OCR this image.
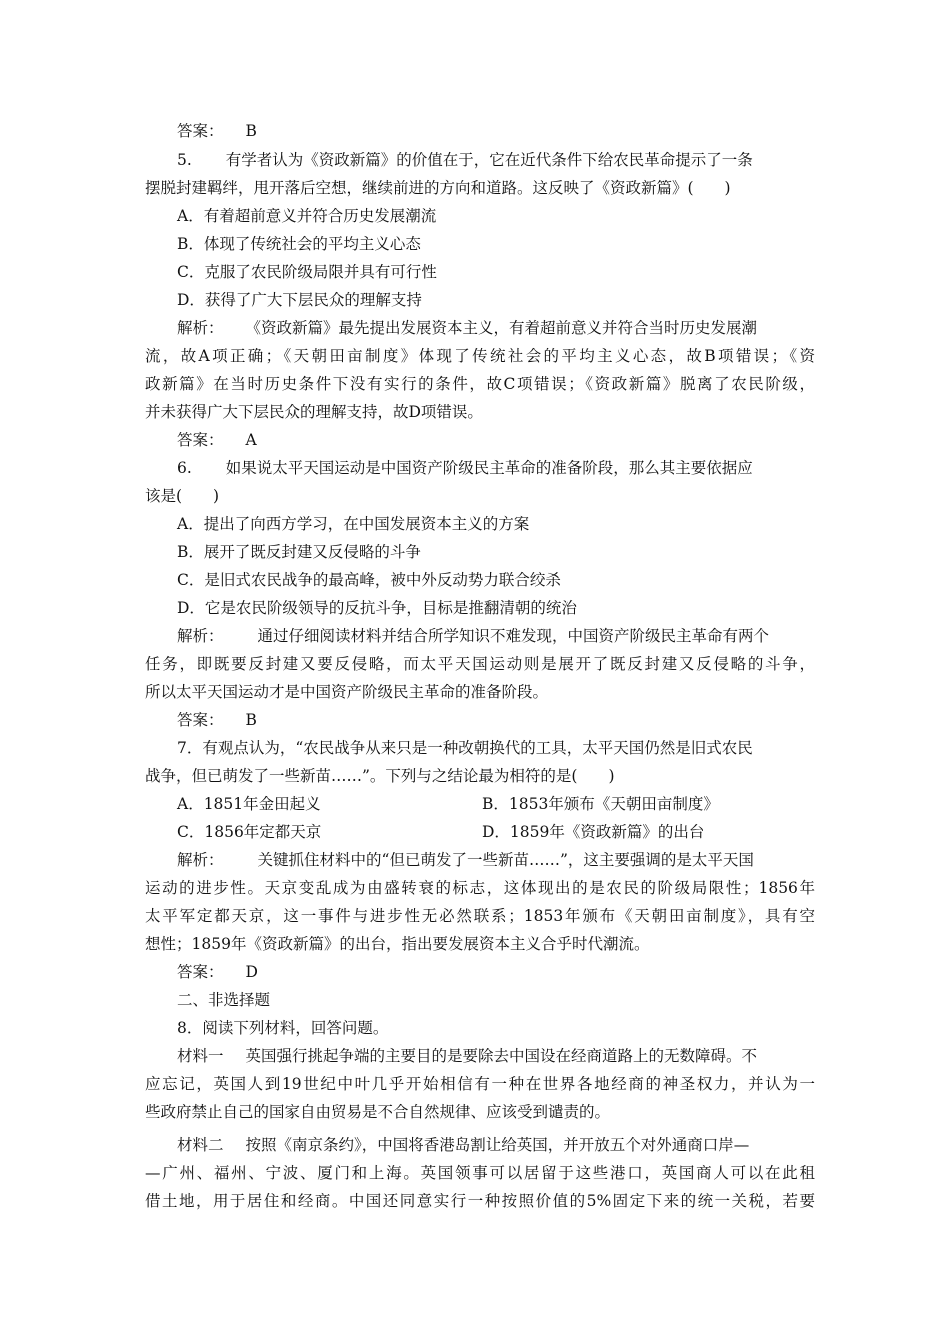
答案： B
5. 有学者认为《资政新篇》的价值在于，它在近代条件下给农民革命提示了一条
摆脱封建羁绊，甩开落后空想，继续前进的方向和道路。这反映了《资政新篇》(　　)
A．有着超前意义并符合历史发展潮流
B．体现了传统社会的平均主义心态
C．克服了农民阶级局限并具有可行性
D．获得了广大下层民众的理解支持
解析： 《资政新篇》最先提出发展资本主义，有着超前意义并符合当时历史发展潮
流，故A项正确；《天朝田亩制度》体现了传统社会的平均主义心态，故B项错误；《资
政新篇》在当时历史条件下没有实行的条件，故C项错误；《资政新篇》脱离了农民阶级，
并未获得广大下层民众的理解支持，故D项错误。
答案： A
6. 如果说太平天国运动是中国资产阶级民主革命的准备阶段，那么其主要依据应
该是(　　)
A．提出了向西方学习，在中国发展资本主义的方案
B．展开了既反封建又反侵略的斗争
C．是旧式农民战争的最高峰，被中外反动势力联合绞杀
D．它是农民阶级领导的反抗斗争，目标是推翻清朝的统治
解析： 通过仔细阅读材料并结合所学知识不难发现，中国资产阶级民主革命有两个
任务，即既要反封建又要反侵略，而太平天国运动则是展开了既反封建又反侵略的斗争，
所以太平天国运动才是中国资产阶级民主革命的准备阶段。
答案： B
7．有观点认为，“农民战争从来只是一种改朝换代的工具，太平天国仍然是旧式农民
战争，但已萌发了一些新苗……”。下列与之结论最为相符的是(　　)
A．1851年金田起义	B．1853年颁布《天朝田亩制度》
C．1856年定都天京	D．1859年《资政新篇》的出台
解析： 关键抓住材料中的“但已萌发了一些新苗……”，这主要强调的是太平天国
运动的进步性。天京变乱成为由盛转衰的标志，这体现出的是农民的阶级局限性；1856年
太平军定都天京，这一事件与进步性无必然联系；1853年颁布《天朝田亩制度》，具有空
想性；1859年《资政新篇》的出台，指出要发展资本主义合乎时代潮流。
答案： D
二、非选择题
8．阅读下列材料，回答问题。
材料一 英国强行挑起争端的主要目的是要除去中国设在经商道路上的无数障碍。不
应忘记，英国人到19世纪中叶几乎开始相信有一种在世界各地经商的神圣权力，并认为一
些政府禁止自己的国家自由贸易是不合自然规律、应该受到谴责的。
材料二 按照《南京条约》，中国将香港岛割让给英国，并开放五个对外通商口岸—
—广州、福州、宁波、厦门和上海。英国领事可以居留于这些港口，英国商人可以在此租
借土地，用于居住和经商。中国还同意实行一种按照价值的5%固定下来的统一关税，若要
